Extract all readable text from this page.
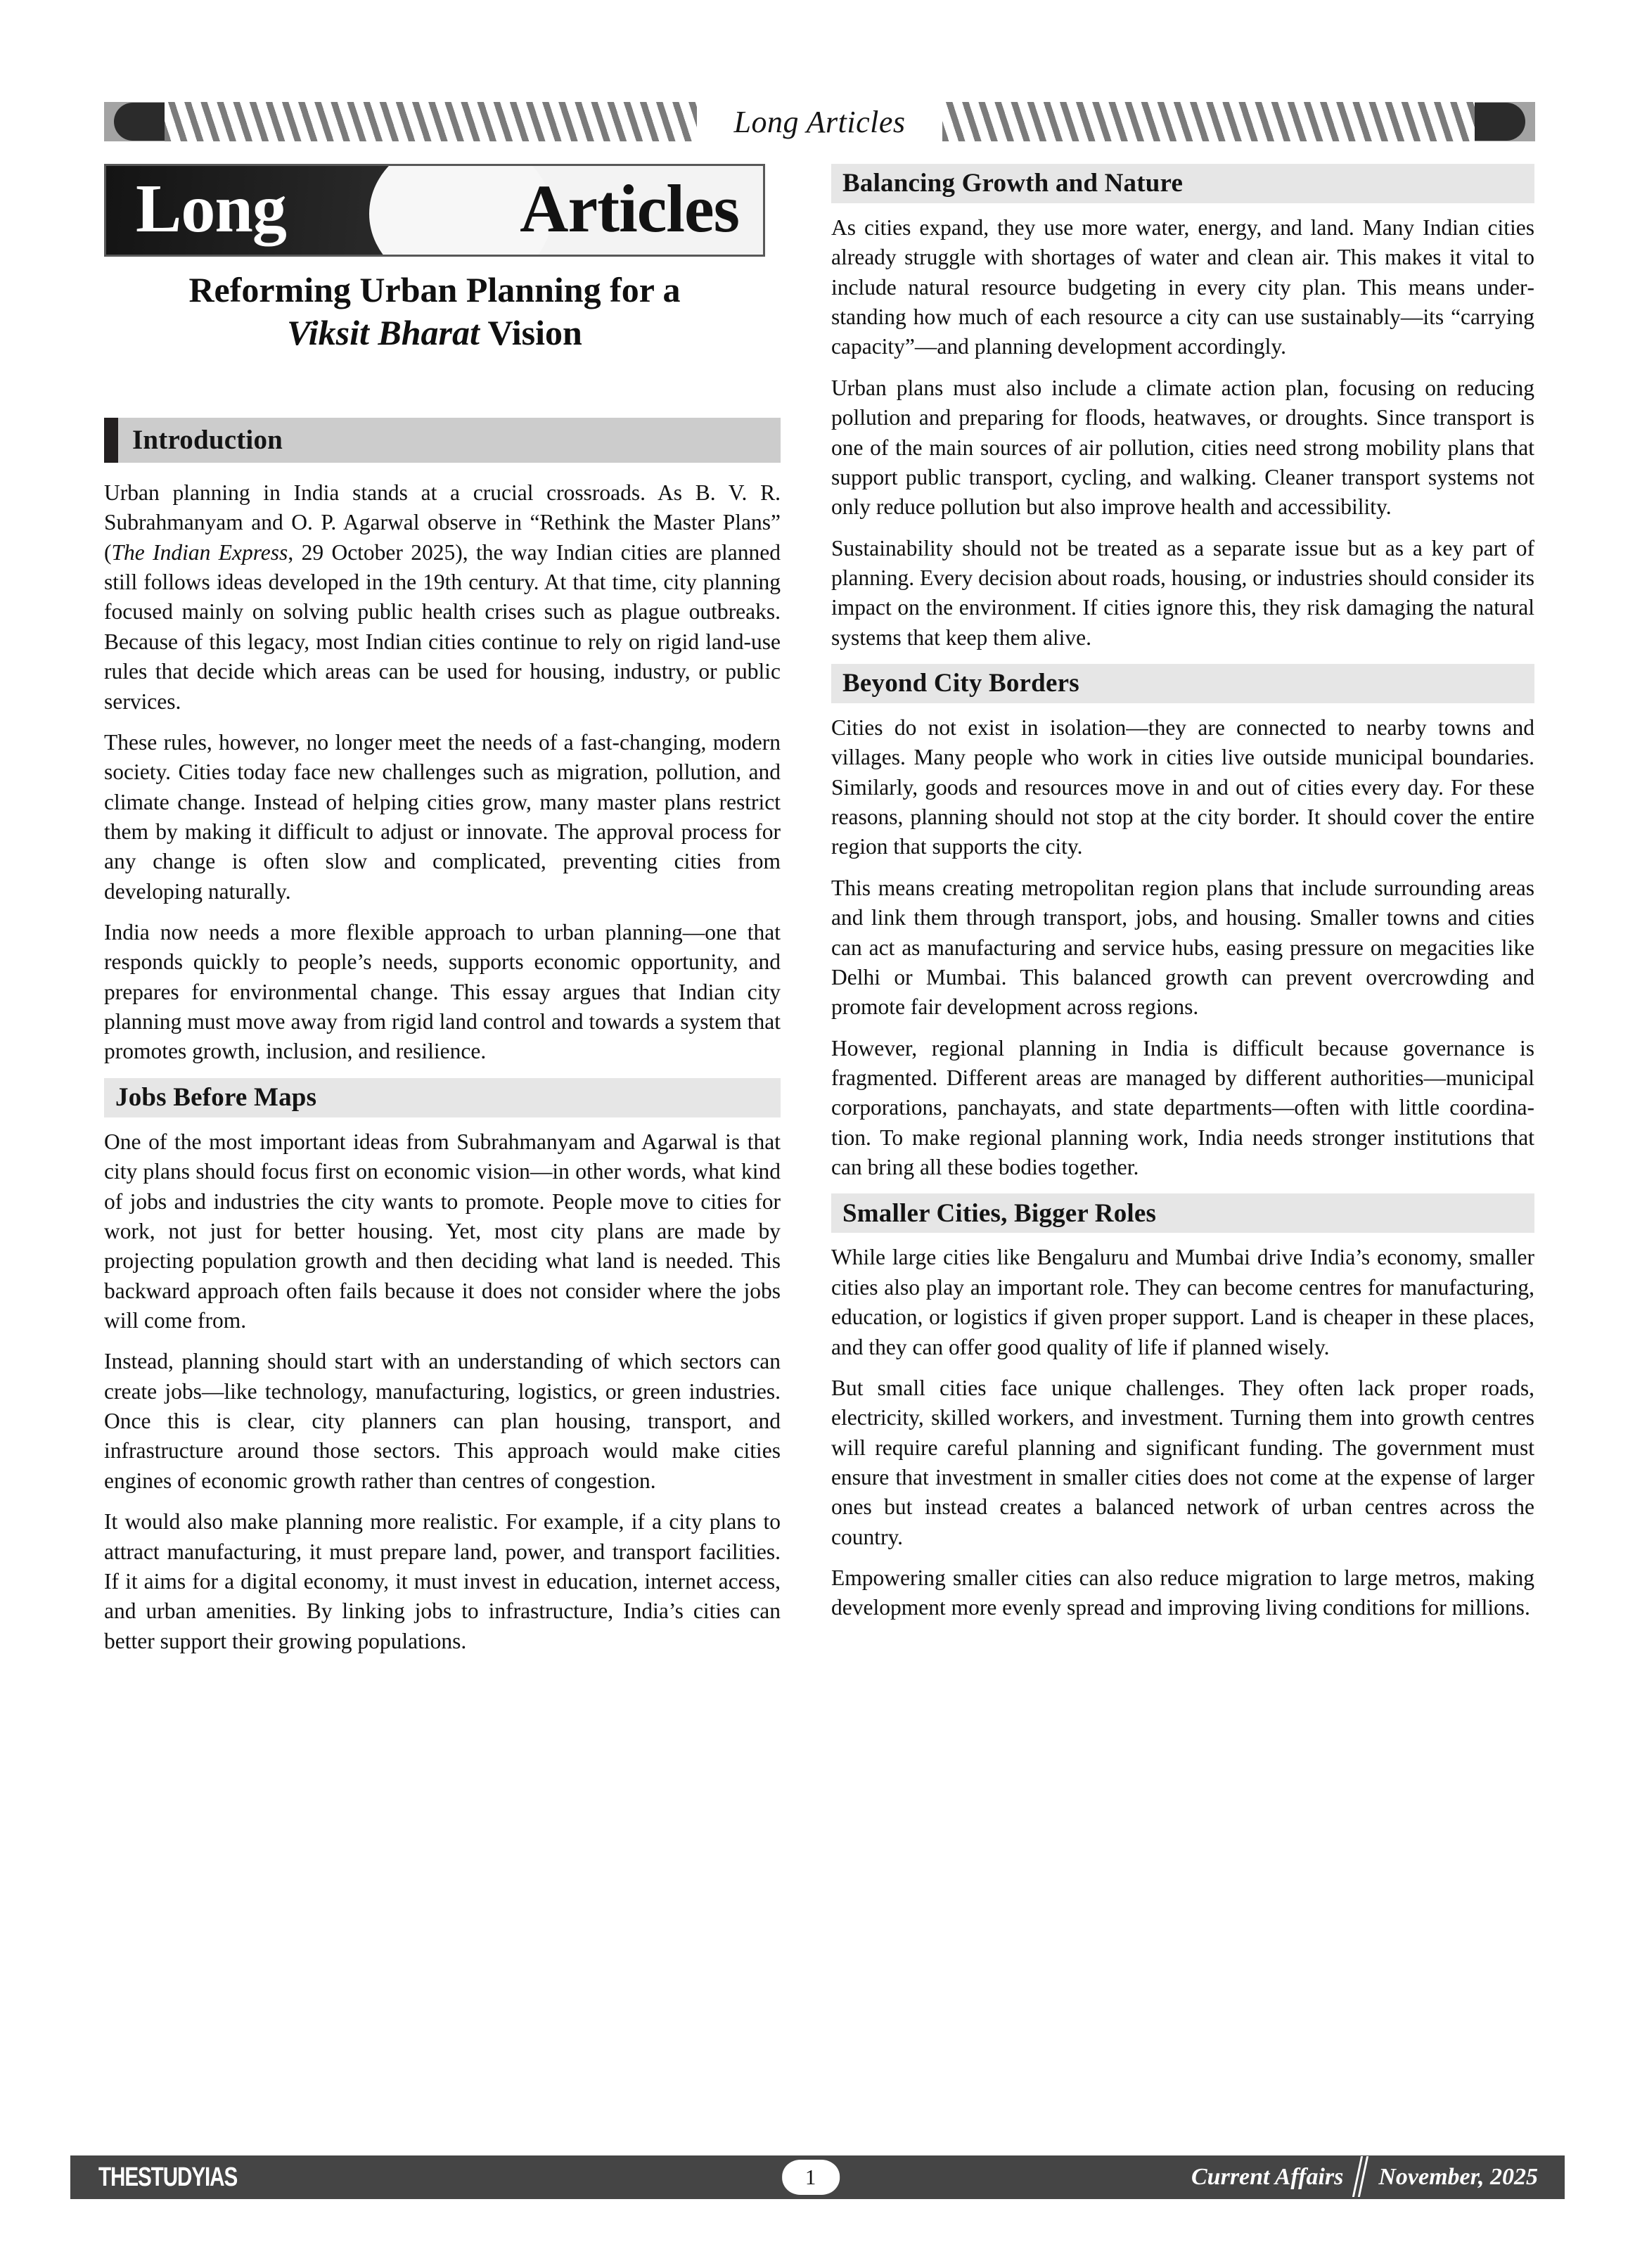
Long Articles
Long	Articles
Reforming Urban Planning for a
Viksit Bharat Vision
Introduction

Urban planning in India stands at a crucial crossroads. As B. V. R. Subrahmanyam and O. P. Agarwal observe in “Rethink the Master Plans” (The Indian Express, 29 October 2025), the way Indian cities are planned still follows ideas developed in the 19th century. At that time, city planning focused mainly on solving public health crises such as plague outbreaks. Because of this legacy, most Indian cities continue to rely on rigid land-use rules that decide which areas can be used for housing, industry, or public services.

These rules, however, no longer meet the needs of a fast-changing, modern society. Cities today face new challenges such as migration, pollution, and climate change. Instead of helping cities grow, many master plans restrict them by making it difficult to adjust or innovate. The approval process for any change is often slow and complicated, preventing cities from developing naturally.

India now needs a more flexible approach to urban planning—one that responds quickly to people’s needs, supports economic opportunity, and prepares for environmental change. This essay argues that Indian city planning must move away from rigid land control and towards a system that promotes growth, inclusion, and resilience.

Jobs Before Maps

One of the most important ideas from Subrahmanyam and Agarwal is that city plans should focus first on economic vision—in other words, what kind of jobs and industries the city wants to promote. People move to cities for work, not just for better housing. Yet, most city plans are made by projecting population growth and then deciding what land is needed. This backward approach often fails because it does not consider where the jobs will come from.

Instead, planning should start with an understanding of which sectors can create jobs—like technology, manufacturing, logistics, or green industries. Once this is clear, city planners can plan housing, transport, and infrastructure around those sectors. This approach would make cities engines of economic growth rather than centres of congestion.

It would also make planning more realistic. For example, if a city plans to attract manufacturing, it must prepare land, power, and transport facilities. If it aims for a digital economy, it must invest in education, internet access, and urban amenities. By linking jobs to infrastructure, India’s cities can better support their growing populations.

Balancing Growth and Nature

As cities expand, they use more water, energy, and land. Many Indian cities already struggle with shortages of water and clean air. This makes it vital to include natural resource budgeting in every city plan. This means understanding how much of each resource a city can use sustainably—its “carrying capacity”—and planning development accordingly.

Urban plans must also include a climate action plan, focusing on reducing pollution and preparing for floods, heatwaves, or droughts. Since transport is one of the main sources of air pollution, cities need strong mobility plans that support public transport, cycling, and walking. Cleaner transport systems not only reduce pollution but also improve health and accessibility.

Sustainability should not be treated as a separate issue but as a key part of planning. Every decision about roads, housing, or industries should consider its impact on the environment. If cities ignore this, they risk damaging the natural systems that keep them alive.

Beyond City Borders

Cities do not exist in isolation—they are connected to nearby towns and villages. Many people who work in cities live outside municipal boundaries. Similarly, goods and resources move in and out of cities every day. For these reasons, planning should not stop at the city border. It should cover the entire region that supports the city.

This means creating metropolitan region plans that include surrounding areas and link them through transport, jobs, and housing. Smaller towns and cities can act as manufacturing and service hubs, easing pressure on megacities like Delhi or Mumbai. This balanced growth can prevent overcrowding and promote fair development across regions.

However, regional planning in India is difficult because governance is fragmented. Different areas are managed by different authorities—municipal corporations, panchayats, and state departments—often with little coordination. To make regional planning work, India needs stronger institutions that can bring all these bodies together.

Smaller Cities, Bigger Roles

While large cities like Bengaluru and Mumbai drive India’s economy, smaller cities also play an important role. They can become centres for manufacturing, education, or logistics if given proper support. Land is cheaper in these places, and they can offer good quality of life if planned wisely.

But small cities face unique challenges. They often lack proper roads, electricity, skilled workers, and investment. Turning them into growth centres will require careful planning and significant funding. The government must ensure that investment in smaller cities does not come at the expense of larger ones but instead creates a balanced network of urban centres across the country.

Empowering smaller cities can also reduce migration to large metros, making development more evenly spread and improving living conditions for millions.

THESTUDYIAS	1	Current Affairs November, 2025
